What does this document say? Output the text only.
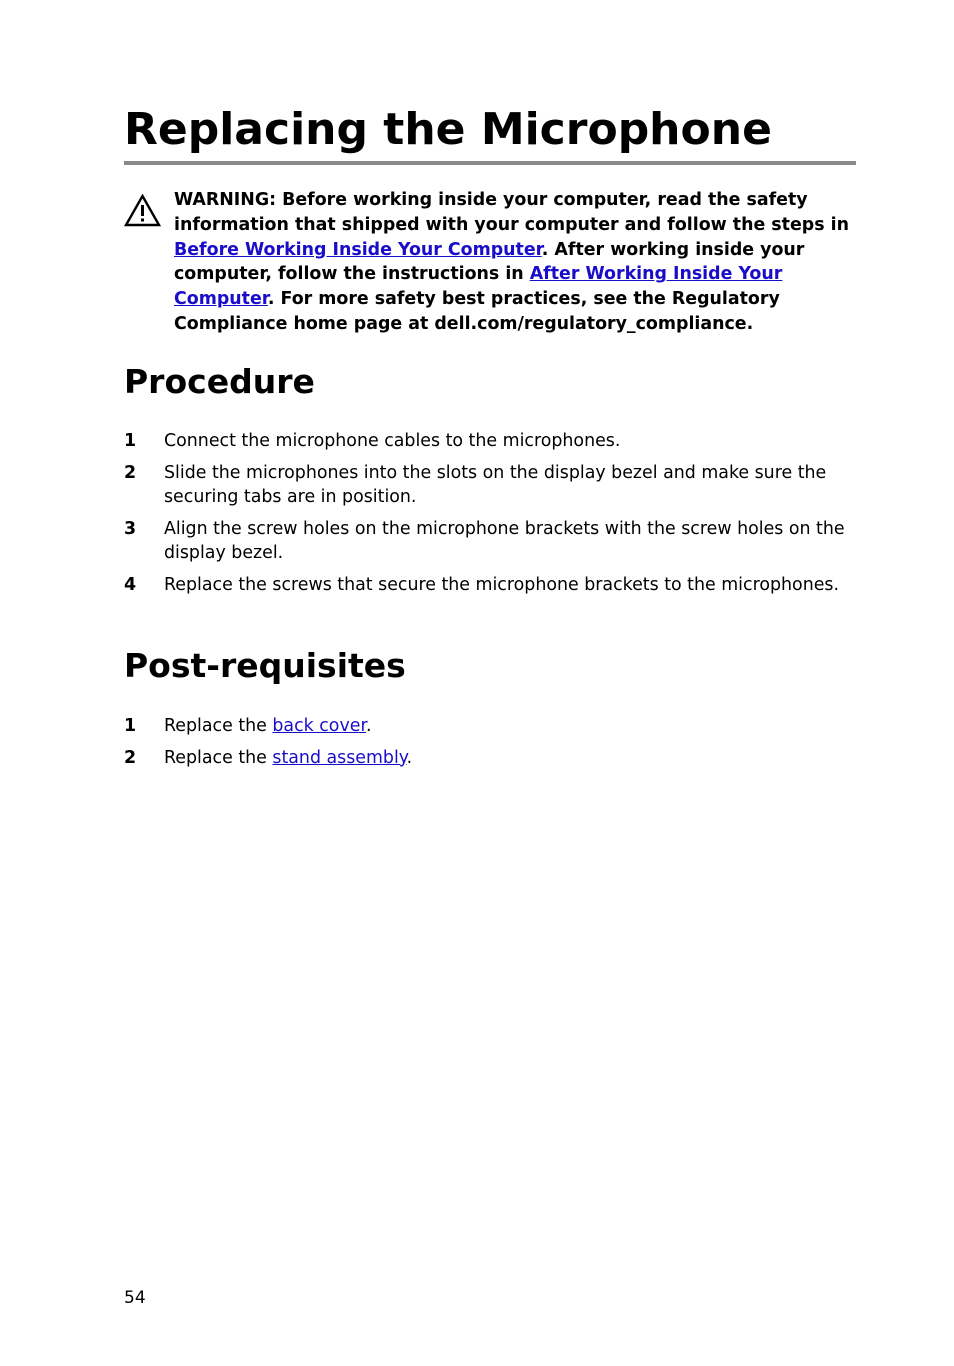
Replacing the Microphone
WARNING: Before working inside your computer, read the safety information that shipped with your computer and follow the steps in Before Working Inside Your Computer. After working inside your computer, follow the instructions in After Working Inside Your Computer. For more safety best practices, see the Regulatory Compliance home page at dell.com/regulatory_compliance.
Procedure
1 Connect the microphone cables to the microphones.
2 Slide the microphones into the slots on the display bezel and make sure the securing tabs are in position.
3 Align the screw holes on the microphone brackets with the screw holes on the display bezel.
4 Replace the screws that secure the microphone brackets to the microphones.
Post-requisites
1 Replace the back cover.
2 Replace the stand assembly.
54
